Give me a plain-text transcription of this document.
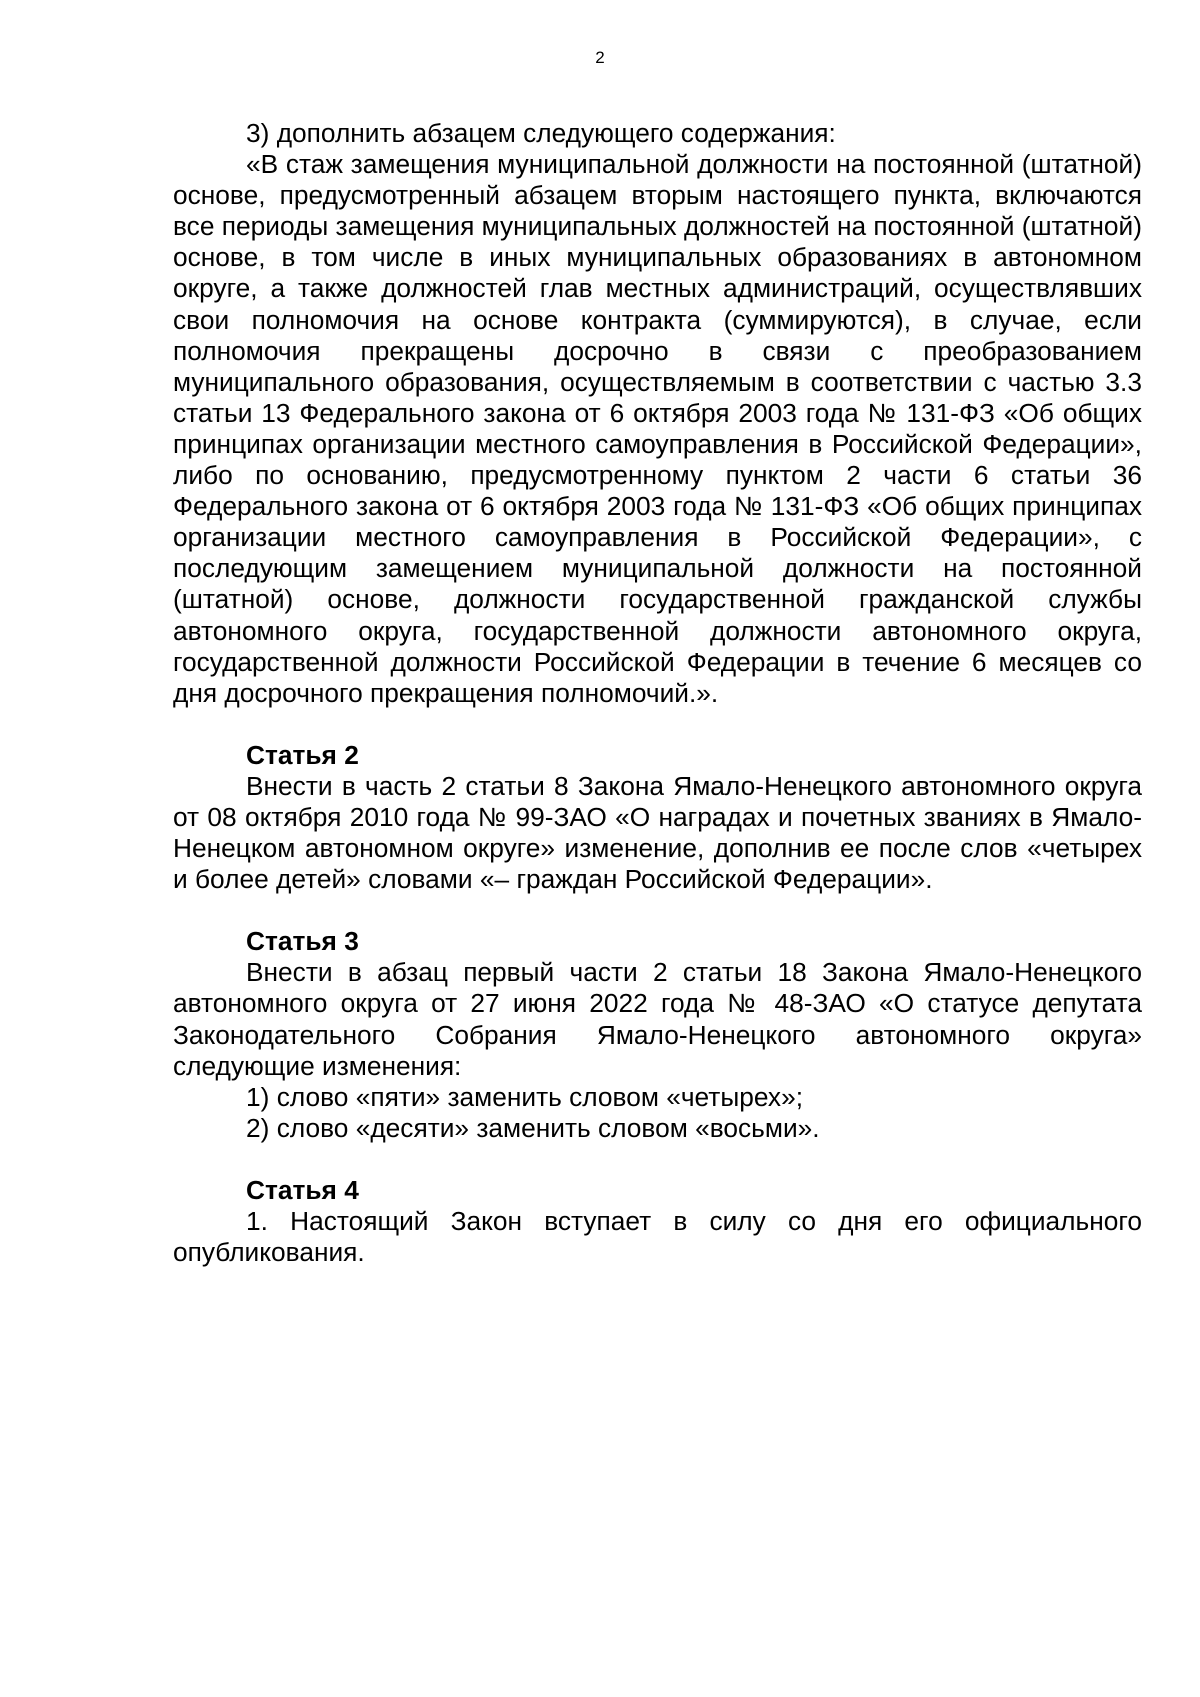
2

3) дополнить абзацем следующего содержания:

«В стаж замещения муниципальной должности на постоянной (штатной) основе, предусмотренный абзацем вторым настоящего пункта, включаются все периоды замещения муниципальных должностей на постоянной (штатной) основе, в том числе в иных муниципальных образованиях в автономном округе, а также должностей глав местных администраций, осуществлявших свои полномочия на основе контракта (суммируются), в случае, если полномочия прекращены досрочно в связи с преобразованием муниципального образования, осуществляемым в соответствии с частью 3.3 статьи 13 Федерального закона от 6 октября 2003 года № 131-ФЗ «Об общих принципах организации местного самоуправления в Российской Федерации», либо по основанию, предусмотренному пунктом 2 части 6 статьи 36 Федерального закона от 6 октября 2003 года № 131-ФЗ «Об общих принципах организации местного самоуправления в Российской Федерации», с последующим замещением муниципальной должности на постоянной (штатной) основе, должности государственной гражданской службы автономного округа, государственной должности автономного округа, государственной должности Российской Федерации в течение 6 месяцев со дня досрочного прекращения полномочий.».

Статья 2

Внести в часть 2 статьи 8 Закона Ямало-Ненецкого автономного округа от 08 октября 2010 года № 99-ЗАО «О наградах и почетных званиях в Ямало-Ненецком автономном округе» изменение, дополнив ее после слов «четырех и более детей» словами «– граждан Российской Федерации».

Статья 3

Внести в абзац первый части 2 статьи 18 Закона Ямало-Ненецкого автономного округа от 27 июня 2022 года № 48-ЗАО «О статусе депутата Законодательного Собрания Ямало-Ненецкого автономного округа» следующие изменения:

1) слово «пяти» заменить словом «четырех»;

2) слово «десяти» заменить словом «восьми».

Статья 4

1. Настоящий Закон вступает в силу со дня его официального опубликования.
